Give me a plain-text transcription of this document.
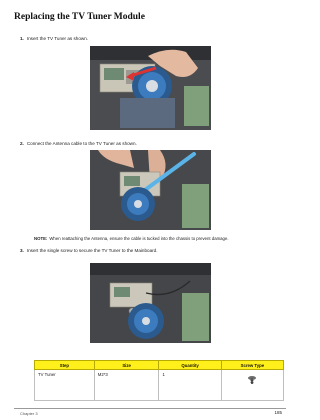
Replacing the TV Tuner Module
1. Insert the TV Tuner as shown.
2. Connect the Antenna cable to the TV Tuner as shown.
NOTE: When reattaching the Antenna, ensure the cable is tucked into the chassis to prevent damage.
3. Insert the single screw to secure the TV Tuner to the Mainboard.
Step	Size	Quantity	Screw Type
TV Tuner	M2*3	1	
Chapter 3	185
